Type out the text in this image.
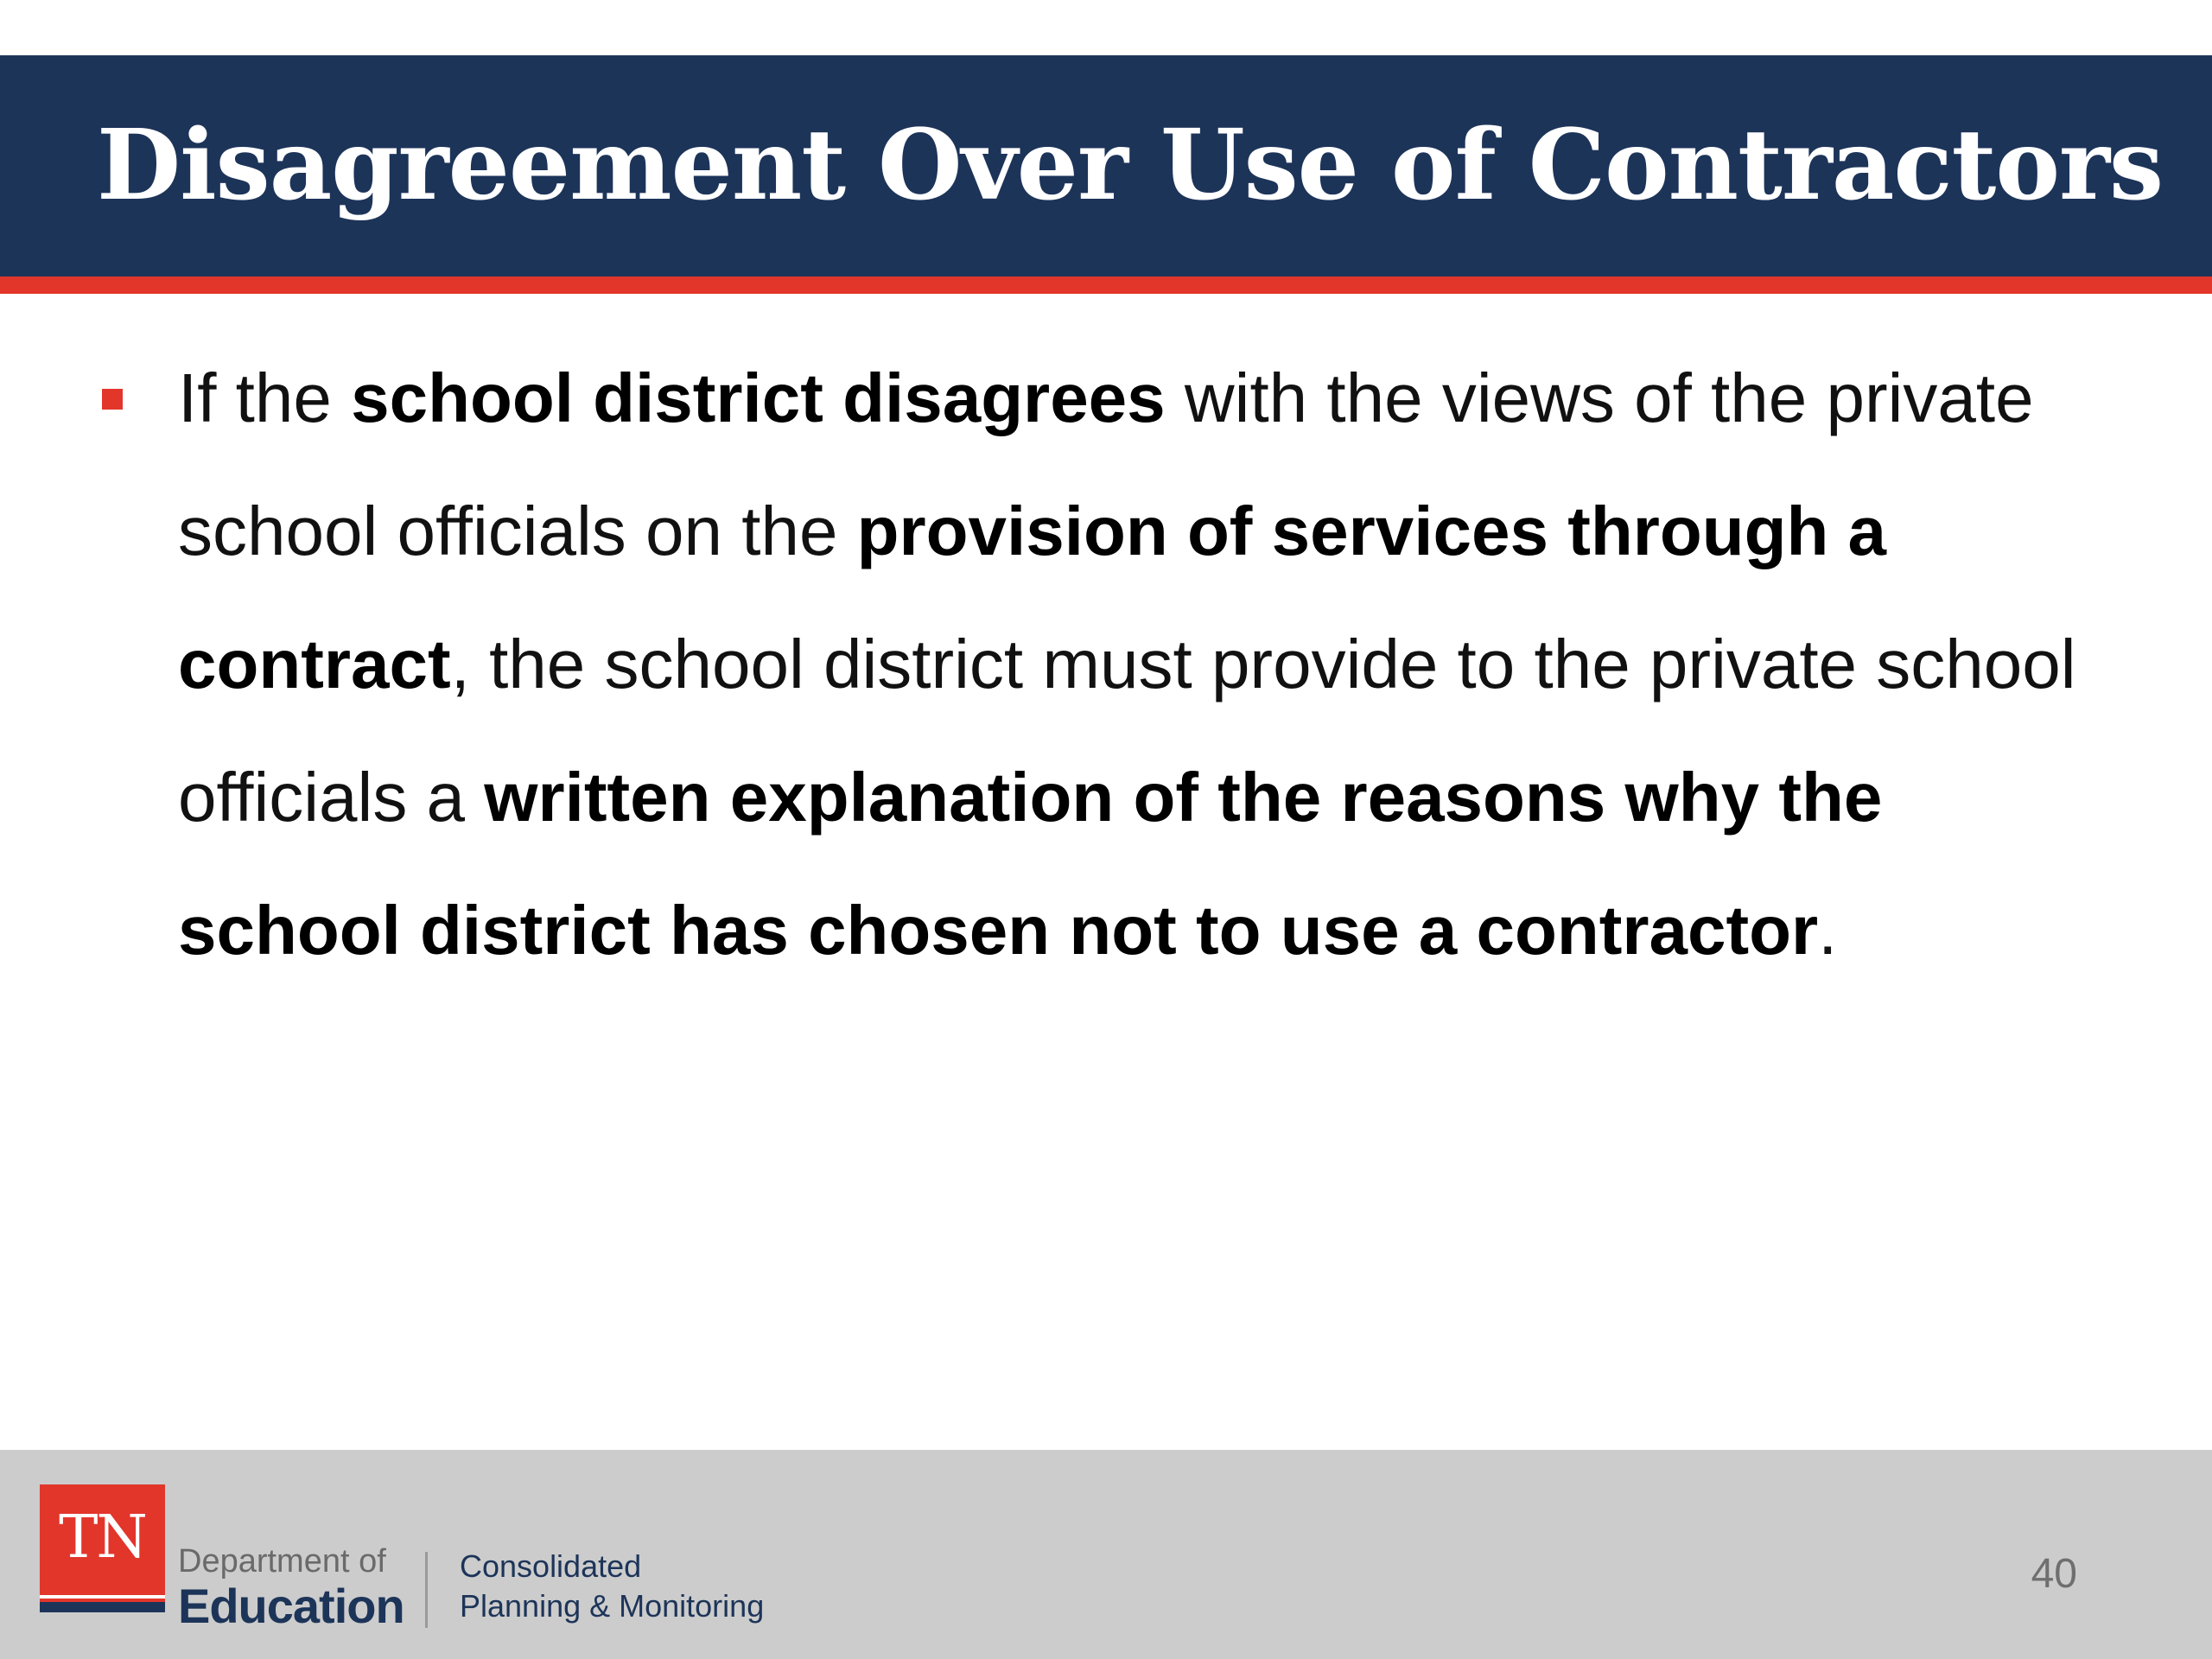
Disagreement Over Use of Contractors

If the school district disagrees with the views of the private school officials on the provision of services through a contract, the school district must provide to the private school officials a written explanation of the reasons why the school district has chosen not to use a contractor.

TN Department of
Education
Consolidated
Planning & Monitoring
40
